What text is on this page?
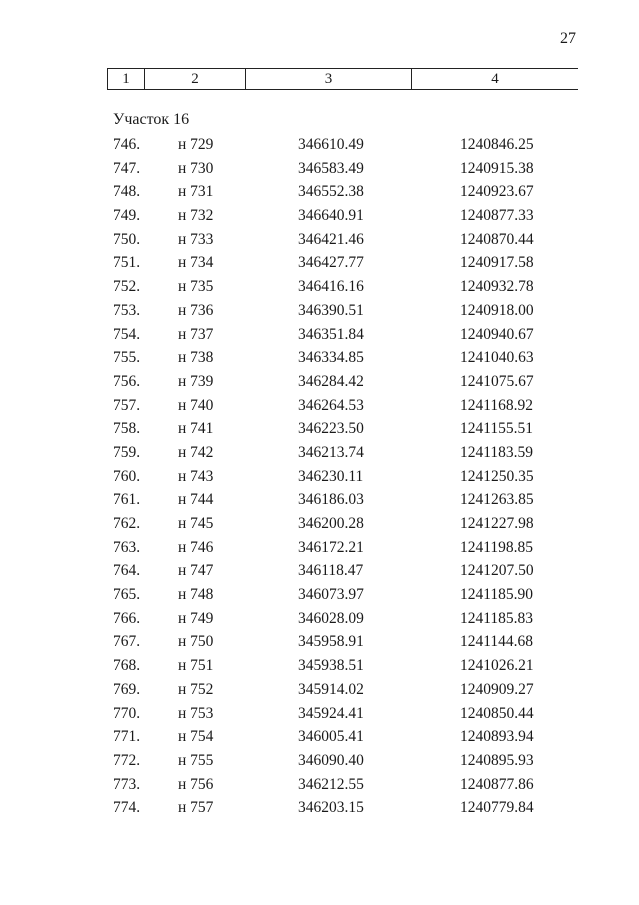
27
1	2	3	4
Участок 16
746. н 729	346610.49	1240846.25
747. н 730	346583.49	1240915.38
748. н 731	346552.38	1240923.67
749. н 732	346640.91	1240877.33
750. н 733	346421.46	1240870.44
751. н 734	346427.77	1240917.58
752. н 735	346416.16	1240932.78
753. н 736	346390.51	1240918.00
754. н 737	346351.84	1240940.67
755. н 738	346334.85	1241040.63
756. н 739	346284.42	1241075.67
757. н 740	346264.53	1241168.92
758. н 741	346223.50	1241155.51
759. н 742	346213.74	1241183.59
760. н 743	346230.11	1241250.35
761. н 744	346186.03	1241263.85
762. н 745	346200.28	1241227.98
763. н 746	346172.21	1241198.85
764. н 747	346118.47	1241207.50
765. н 748	346073.97	1241185.90
766. н 749	346028.09	1241185.83
767. н 750	345958.91	1241144.68
768. н 751	345938.51	1241026.21
769. н 752	345914.02	1240909.27
770. н 753	345924.41	1240850.44
771. н 754	346005.41	1240893.94
772. н 755	346090.40	1240895.93
773. н 756	346212.55	1240877.86
774. н 757	346203.15	1240779.84
